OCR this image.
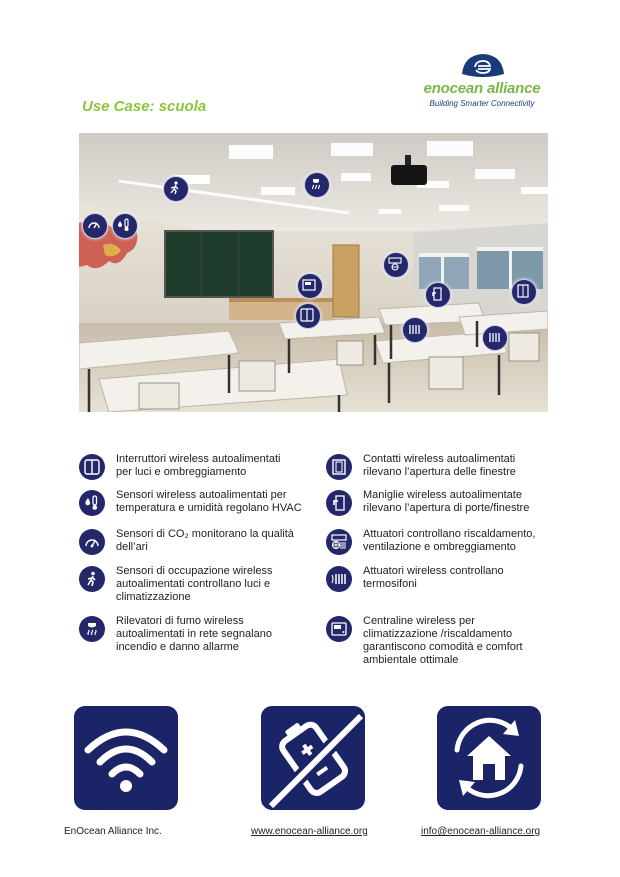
Use Case: scuola
enocean alliance
Building Smarter Connectivity
Interruttori wireless autoalimentati
per luci e ombreggiamento
Sensori wireless autoalimentati per
temperatura e umidità regolano HVAC
Sensori di CO₂ monitorano la qualità
dell’ari
Sensori di occupazione wireless
autoalimentati controllano luci e
climatizzazione
Rilevatori di fumo wireless
autoalimentati in rete segnalano
incendio e danno allarme
Contatti wireless autoalimentati
rilevano l’apertura delle finestre
Maniglie wireless autoalimentate
rilevano l’apertura di porte/finestre
Attuatori controllano riscaldamento,
ventilazione e ombreggiamento
Attuatori wireless controllano
termosifoni
Centraline wireless per
climatizzazione /riscaldamento
garantiscono comodità e comfort
ambientale ottimale
EnOcean Alliance Inc.	www.enocean-alliance.org	info@enocean-alliance.org
